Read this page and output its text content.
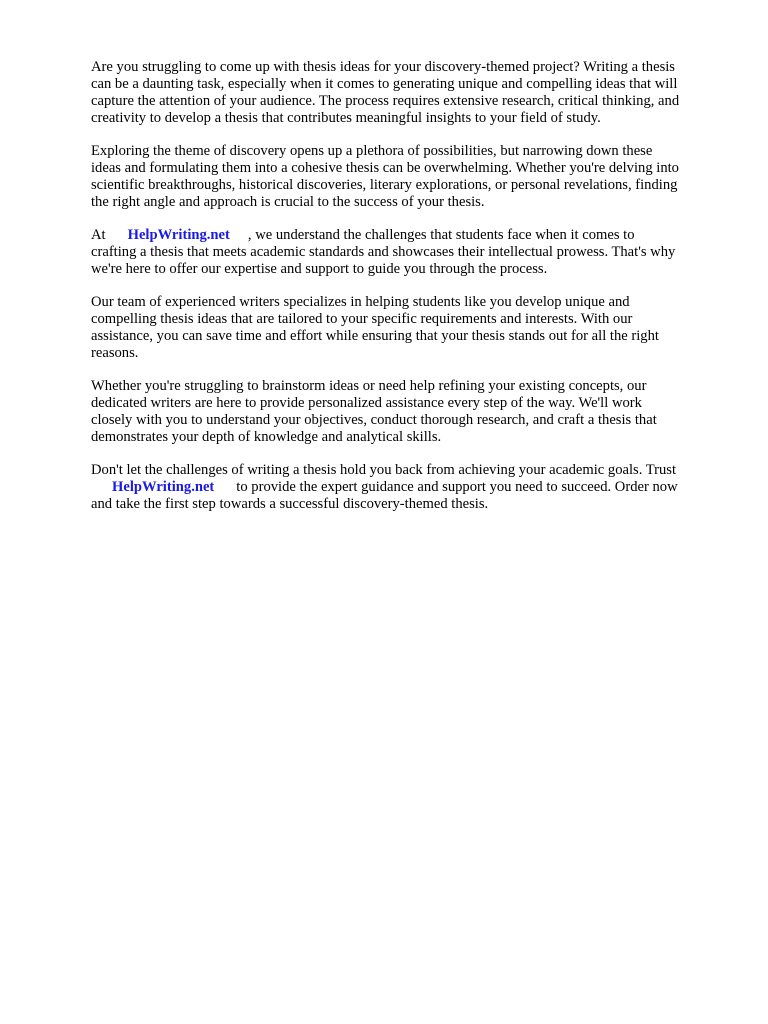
Are you struggling to come up with thesis ideas for your discovery-themed project? Writing a thesis
can be a daunting task, especially when it comes to generating unique and compelling ideas that will
capture the attention of your audience. The process requires extensive research, critical thinking, and
creativity to develop a thesis that contributes meaningful insights to your field of study.

Exploring the theme of discovery opens up a plethora of possibilities, but narrowing down these
ideas and formulating them into a cohesive thesis can be overwhelming. Whether you're delving into
scientific breakthroughs, historical discoveries, literary explorations, or personal revelations, finding
the right angle and approach is crucial to the success of your thesis.

At HelpWriting.net , we understand the challenges that students face when it comes to
crafting a thesis that meets academic standards and showcases their intellectual prowess. That's why
we're here to offer our expertise and support to guide you through the process.

Our team of experienced writers specializes in helping students like you develop unique and
compelling thesis ideas that are tailored to your specific requirements and interests. With our
assistance, you can save time and effort while ensuring that your thesis stands out for all the right
reasons.

Whether you're struggling to brainstorm ideas or need help refining your existing concepts, our
dedicated writers are here to provide personalized assistance every step of the way. We'll work
closely with you to understand your objectives, conduct thorough research, and craft a thesis that
demonstrates your depth of knowledge and analytical skills.

Don't let the challenges of writing a thesis hold you back from achieving your academic goals. Trust
HelpWriting.net to provide the expert guidance and support you need to succeed. Order now
and take the first step towards a successful discovery-themed thesis.
